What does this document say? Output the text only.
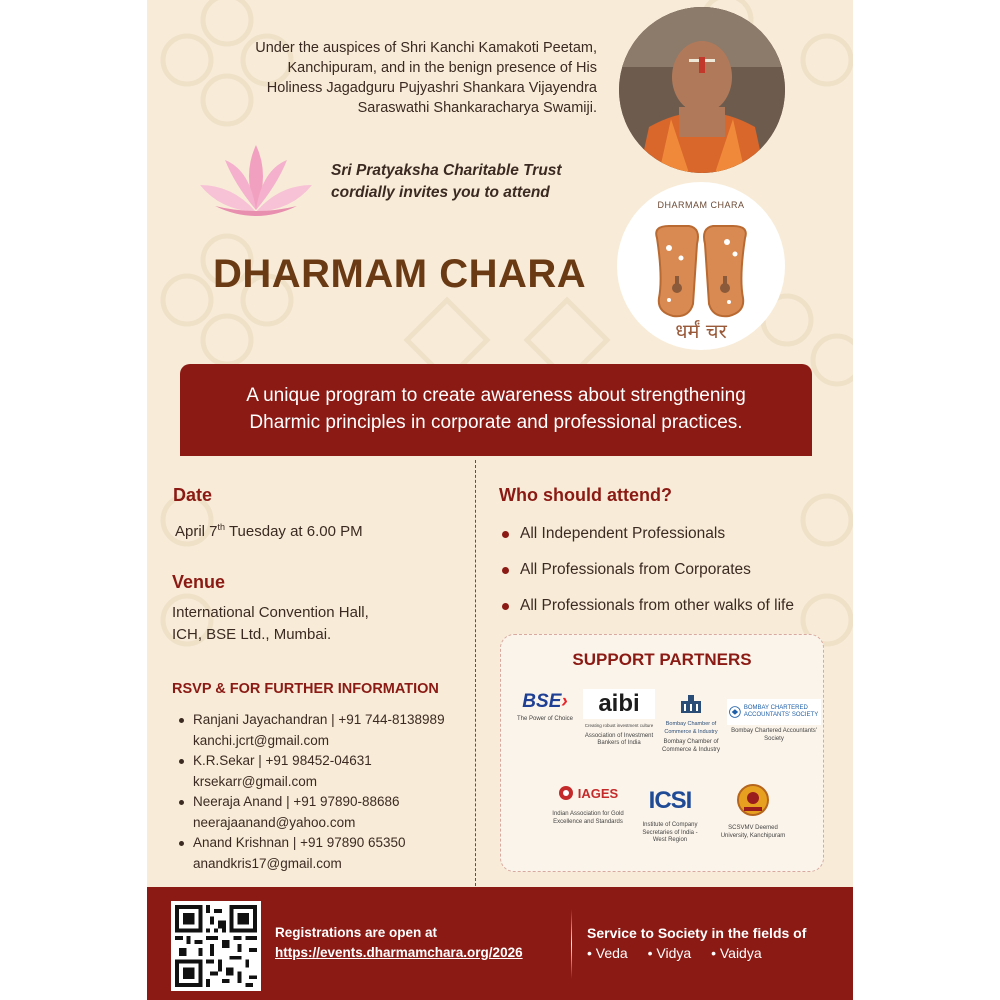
Under the auspices of Shri Kanchi Kamakoti Peetam,
Kanchipuram, and in the benign presence of His
Holiness Jagadguru Pujyashri Shankara Vijayendra
Saraswathi Shankaracharya Swamiji.
Sri Pratyaksha Charitable Trust
cordially invites you to attend
DHARMAM CHARA
धर्मं चर
DHARMAM CHARA
A unique program to create awareness about strengthening
Dharmic principles in corporate and professional practices.
Date
April 7th Tuesday at 6.00 PM
Venue
International Convention Hall,
ICH, BSE Ltd., Mumbai.
RSVP & FOR FURTHER INFORMATION
Ranjani Jayachandran | +91 744-8138989
kanchi.jcrt@gmail.com
K.R.Sekar | +91 98452-04631
krsekarr@gmail.com
Neeraja Anand | +91 97890-88686
neerajaanand@yahoo.com
Anand Krishnan | +91 97890 65350
anandkris17@gmail.com
Who should attend?
All Independent Professionals
All Professionals from Corporates
All Professionals from other walks of life
SUPPORT PARTNERS
BSE›
The Power of Choice
aibi
Creating robust investment culture
Association of Investment Bankers of India
Bombay Chamber of Commerce & Industry
Bombay Chamber of Commerce & Industry
BOMBAY CHARTERED ACCOUNTANTS' SOCIETY
Bombay Chartered Accountants' Society
IAGES
Indian Association for Gold Excellence and Standards
ICSI
Institute of Company Secretaries of India - West Region
SCSVMV Deemed University, Kanchipuram
Registrations are open at
https://events.dharmamchara.org/2026
Service to Society in the fields of
• Veda • Vidya • Vaidya
